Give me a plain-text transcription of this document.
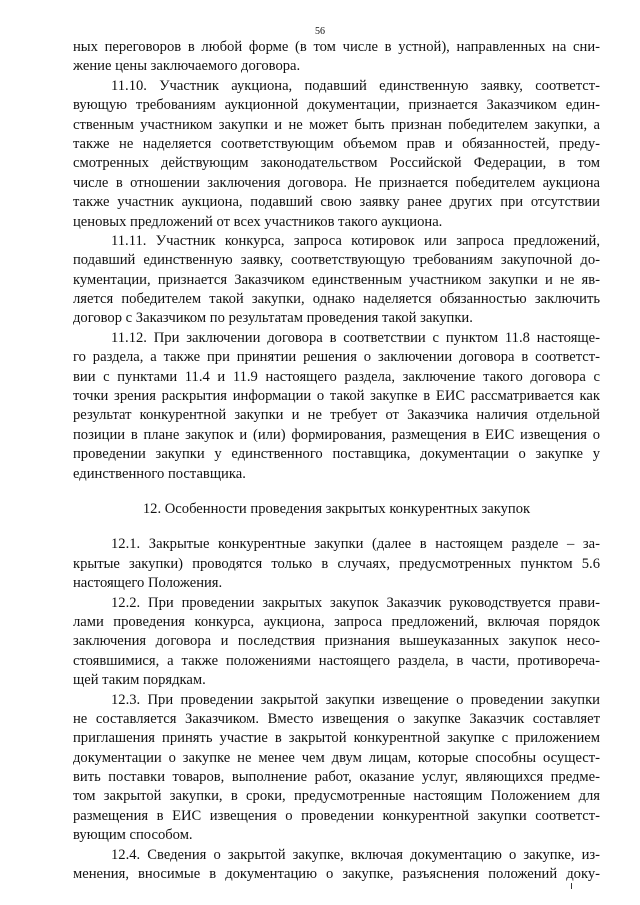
56
ных переговоров в любой форме (в том числе в устной), направленных на сни-
жение цены заключаемого договора.
11.10. Участник аукциона, подавший единственную заявку, соответст-
вующую требованиям аукционной документации, признается Заказчиком един-
ственным участником закупки и не может быть признан победителем закупки, а
также не наделяется соответствующим объемом прав и обязанностей, преду-
смотренных действующим законодательством Российской Федерации, в том
числе в отношении заключения договора. Не признается победителем аукциона
также участник аукциона, подавший свою заявку ранее других при отсутствии
ценовых предложений от всех участников такого аукциона.
11.11. Участник конкурса, запроса котировок или запроса предложений,
подавший единственную заявку, соответствующую требованиям закупочной до-
кументации, признается Заказчиком единственным участником закупки и не яв-
ляется победителем такой закупки, однако наделяется обязанностью заключить
договор с Заказчиком по результатам проведения такой закупки.
11.12. При заключении договора в соответствии с пунктом 11.8 настояще-
го раздела, а также при принятии решения о заключении договора в соответст-
вии с пунктами 11.4 и 11.9 настоящего раздела, заключение такого договора с
точки зрения раскрытия информации о такой закупке в ЕИС рассматривается как
результат конкурентной закупки и не требует от Заказчика наличия отдельной
позиции в плане закупок и (или) формирования, размещения в ЕИС извещения о
проведении закупки у единственного поставщика, документации о закупке у
единственного поставщика.
12. Особенности проведения закрытых конкурентных закупок
12.1. Закрытые конкурентные закупки (далее в настоящем разделе – за-
крытые закупки) проводятся только в случаях, предусмотренных пунктом 5.6
настоящего Положения.
12.2. При проведении закрытых закупок Заказчик руководствуется прави-
лами проведения конкурса, аукциона, запроса предложений, включая порядок
заключения договора и последствия признания вышеуказанных закупок несо-
стоявшимися, а также положениями настоящего раздела, в части, противореча-
щей таким порядкам.
12.3. При проведении закрытой закупки извещение о проведении закупки
не составляется Заказчиком. Вместо извещения о закупке Заказчик составляет
приглашения принять участие в закрытой конкурентной закупке с приложением
документации о закупке не менее чем двум лицам, которые способны осущест-
вить поставки товаров, выполнение работ, оказание услуг, являющихся предме-
том закрытой закупки, в сроки, предусмотренные настоящим Положением для
размещения в ЕИС извещения о проведении конкурентной закупки соответст-
вующим способом.
12.4. Сведения о закрытой закупке, включая документацию о закупке, из-
менения, вносимые в документацию о закупке, разъяснения положений доку-
